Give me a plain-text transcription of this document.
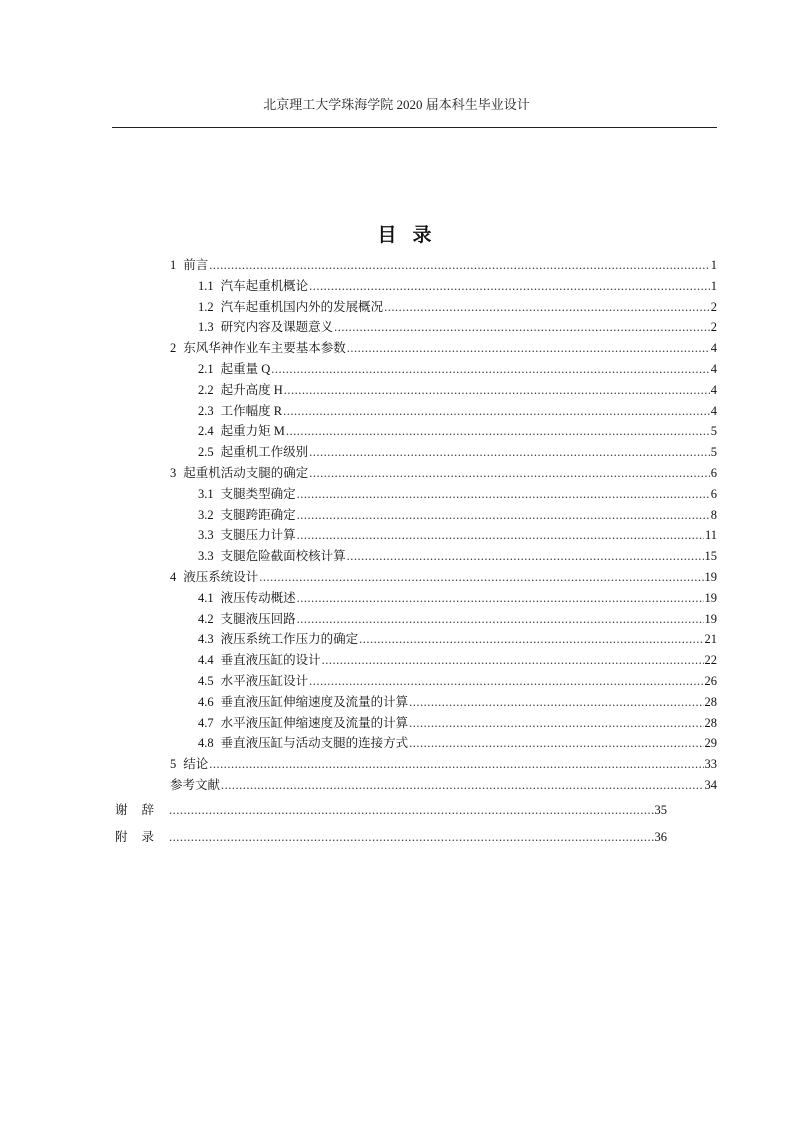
北京理工大学珠海学院 2020 届本科生毕业设计
目录
1 前言 .....	1
1.1 汽车起重机概论 .....	1
1.2 汽车起重机国内外的发展概况 .....	2
1.3 研究内容及课题意义 .....	2
2 东风华神作业车主要基本参数 .....	4
2.1 起重量 Q .....	4
2.2 起升高度 H .....	4
2.3 工作幅度 R .....	4
2.4 起重力矩 M .....	5
2.5 起重机工作级别 .....	5
3 起重机活动支腿的确定 .....	6
3.1 支腿类型确定 .....	6
3.2 支腿跨距确定 .....	8
3.3 支腿压力计算 .....	11
3.3 支腿危险截面校核计算 .....	15
4 液压系统设计 .....	19
4.1 液压传动概述 .....	19
4.2 支腿液压回路 .....	19
4.3 液压系统工作压力的确定 .....	21
4.4 垂直液压缸的设计 .....	22
4.5 水平液压缸设计 .....	26
4.6 垂直液压缸伸缩速度及流量的计算 .....	28
4.7 水平液压缸伸缩速度及流量的计算 .....	28
4.8 垂直液压缸与活动支腿的连接方式 .....	29
5 结论 .....	33
参考文献 .....	34
谢辞 .....	35
附录 .....	36
